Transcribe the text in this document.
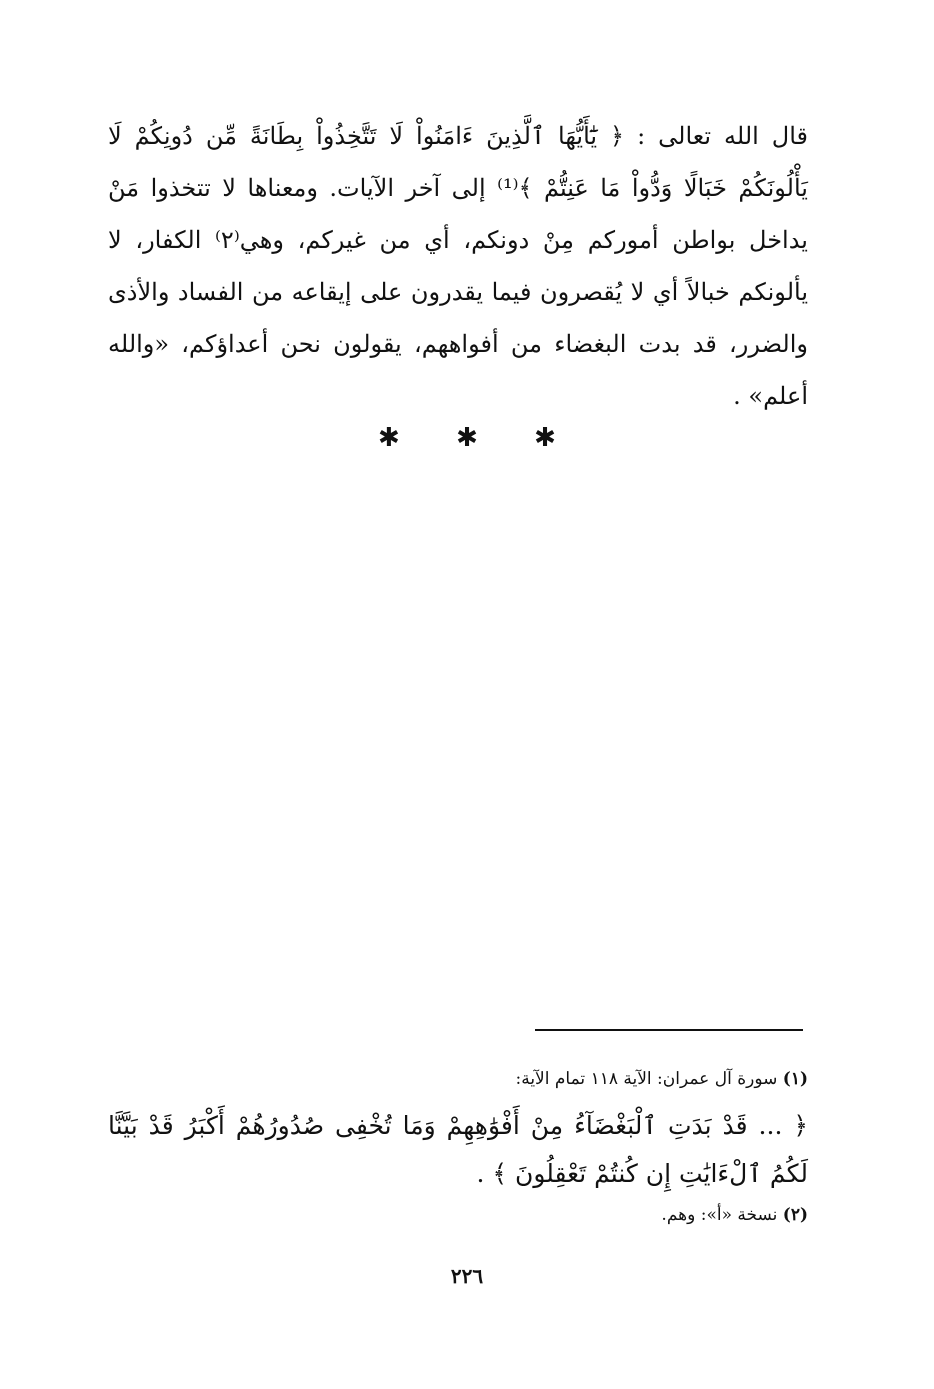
قال الله تعالى : ﴿ يَٰٓأَيُّهَا ٱلَّذِينَ ءَامَنُواْ لَا تَتَّخِذُواْ بِطَانَةً مِّن دُونِكُمْ لَا يَأْلُونَكُمْ خَبَالًا وَدُّواْ مَا عَنِتُّمْ ﴾⁽¹⁾ إلى آخر الآيات. ومعناها لا تتخذوا مَنْ يداخل بواطن أموركم مِنْ دونكم، أي من غيركم، وهي⁽٢⁾ الكفار، لا يألونكم خبالاً أي لا يُقصرون فيما يقدرون على إيقاعه من الفساد والأذى والضرر، قد بدت البغضاء من أفواههم، يقولون نحن أعداؤكم، «والله أعلم» .

✱ ✱ ✱

(١) سورة آل عمران: الآية ١١٨ تمام الآية:

﴿ ... قَدْ بَدَتِ ٱلْبَغْضَآءُ مِنْ أَفْوَٰهِهِمْ وَمَا تُخْفِى صُدُورُهُمْ أَكْبَرُ قَدْ بَيَّنَّا لَكُمُ ٱلْءَايَٰتِ إِن كُنتُمْ تَعْقِلُونَ ﴾ .

(٢) نسخة «أ»: وهم.

٢٢٦
